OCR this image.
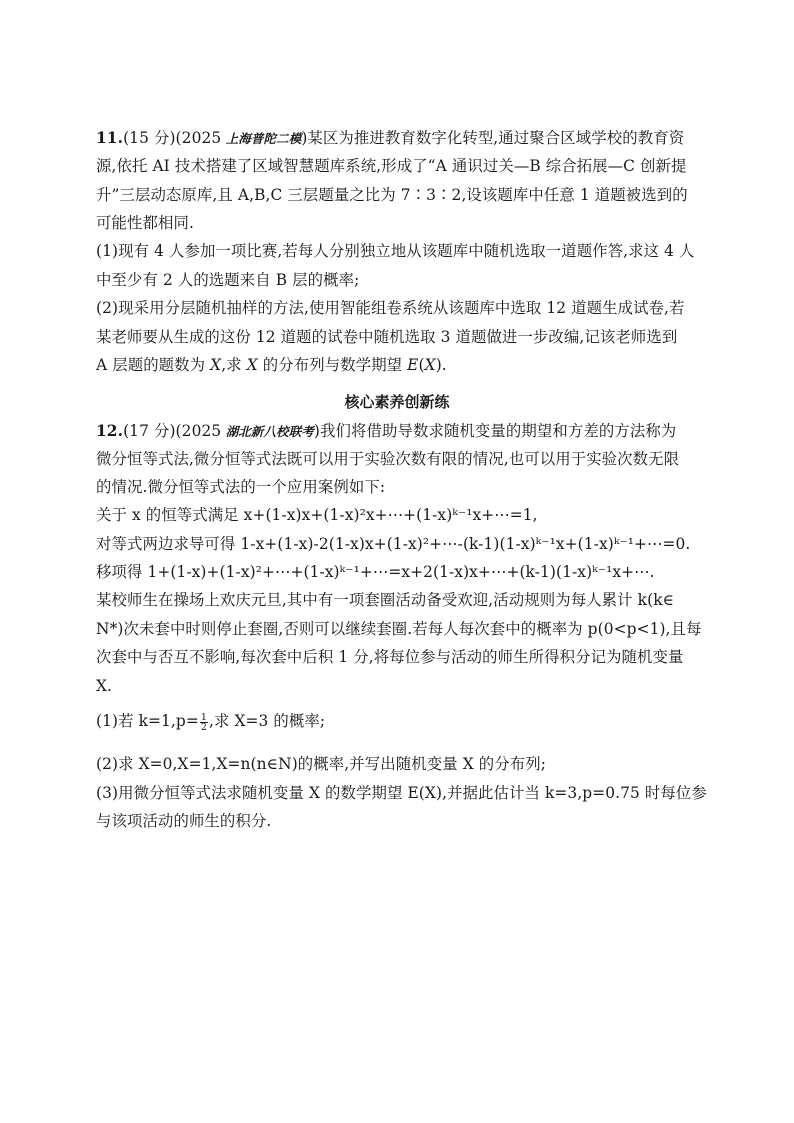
11.(15 分)(2025 上海普陀二模)某区为推进教育数字化转型,通过聚合区域学校的教育资
源,依托 AI 技术搭建了区域智慧题库系统,形成了“A 通识过关—B 综合拓展—C 创新提
升”三层动态原库,且 A,B,C 三层题量之比为 7∶3∶2,设该题库中任意 1 道题被选到的
可能性都相同.
(1)现有 4 人参加一项比赛,若每人分别独立地从该题库中随机选取一道题作答,求这 4 人
中至少有 2 人的选题来自 B 层的概率;
(2)现采用分层随机抽样的方法,使用智能组卷系统从该题库中选取 12 道题生成试卷,若
某老师要从生成的这份 12 道题的试卷中随机选取 3 道题做进一步改编,记该老师选到
A 层题的题数为 X,求 X 的分布列与数学期望 E(X).
核心素养创新练
12.(17 分)(2025 湖北新八校联考)我们将借助导数求随机变量的期望和方差的方法称为
微分恒等式法,微分恒等式法既可以用于实验次数有限的情况,也可以用于实验次数无限
的情况.微分恒等式法的一个应用案例如下:
关于 x 的恒等式满足 x+(1-x)x+(1-x)²x+⋯+(1-x)ᵏ⁻¹x+⋯=1,
对等式两边求导可得 1-x+(1-x)-2(1-x)x+(1-x)²+⋯-(k-1)(1-x)ᵏ⁻¹x+(1-x)ᵏ⁻¹+⋯=0.
移项得 1+(1-x)+(1-x)²+⋯+(1-x)ᵏ⁻¹+⋯=x+2(1-x)x+⋯+(k-1)(1-x)ᵏ⁻¹x+⋯.
某校师生在操场上欢庆元旦,其中有一项套圈活动备受欢迎,活动规则为每人累计 k(k∈
N*)次未套中时则停止套圈,否则可以继续套圈.若每人每次套中的概率为 p(0<p<1),且每
次套中与否互不影响,每次套中后积 1 分,将每位参与活动的师生所得积分记为随机变量
X.
(1)若 $k=1,p= \frac{1}{2}$ ,求 X=3 的概率;
(2)求 X=0,X=1,X=n(n∈N)的概率,并写出随机变量 X 的分布列;
(3)用微分恒等式法求随机变量 X 的数学期望 E(X),并据此估计当 k=3,p=0.75 时每位参
与该项活动的师生的积分.
